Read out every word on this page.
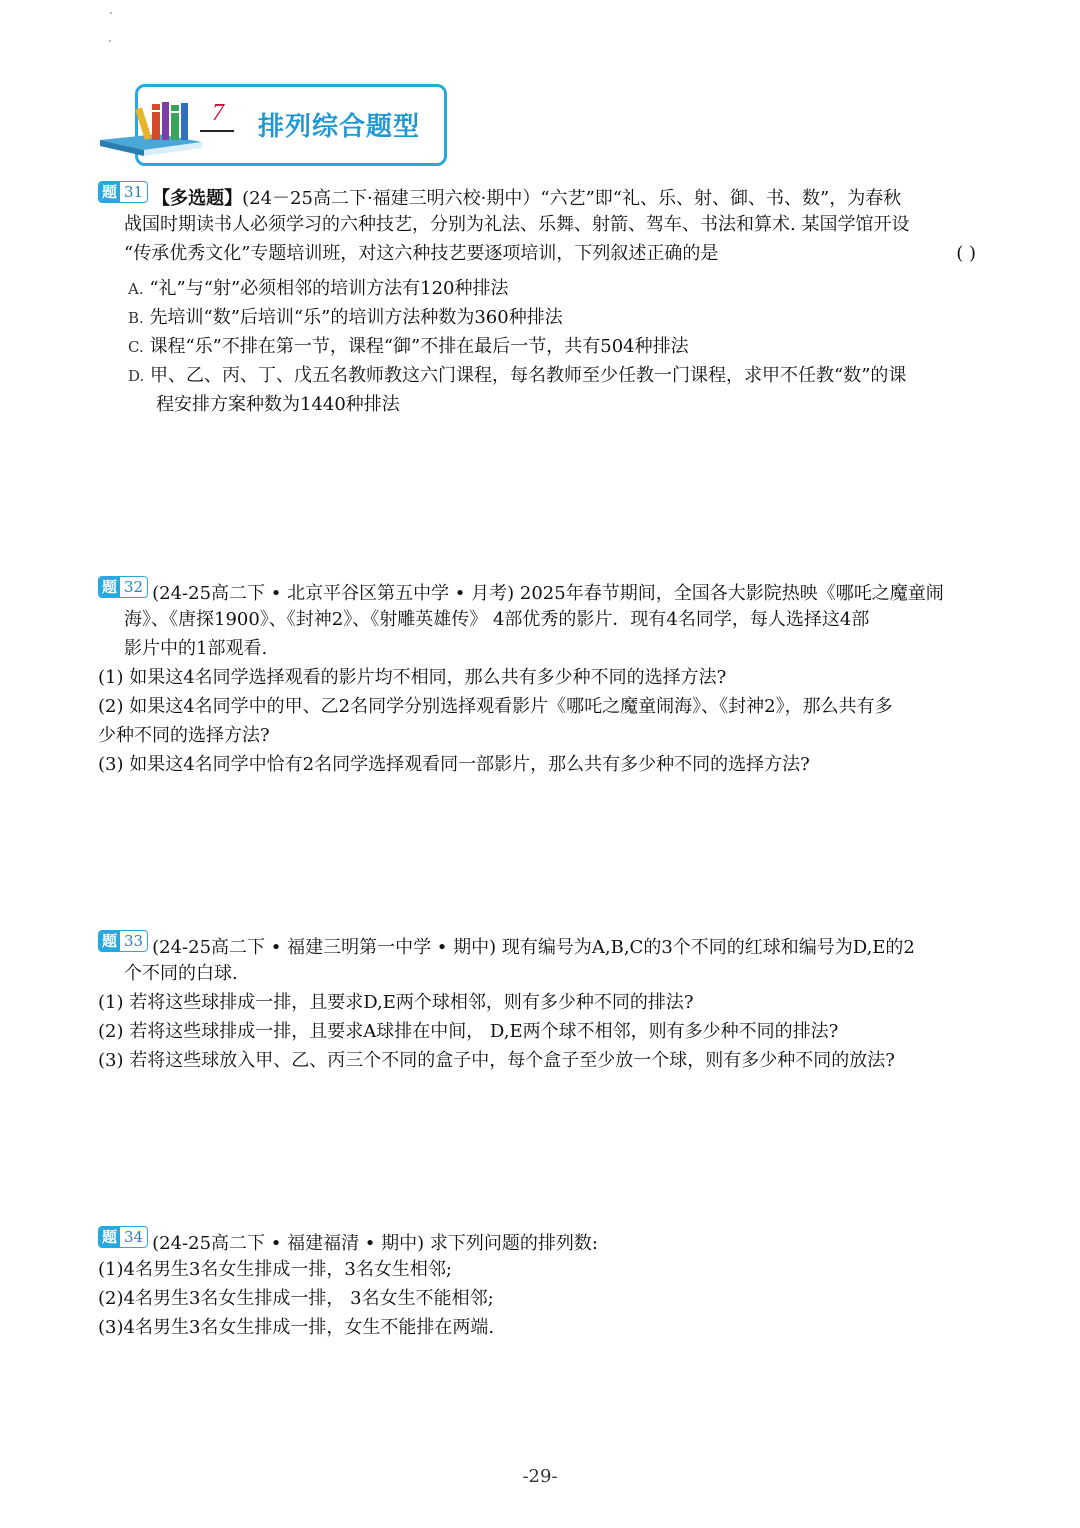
7 排列综合题型
题 31 【多选题】(24－25高二下·福建三明六校·期中）“六艺”即“礼、乐、射、御、书、数”，为春秋
战国时期读书人必须学习的六种技艺，分别为礼法、乐舞、射箭、驾车、书法和算术. 某国学馆开设
“传承优秀文化”专题培训班，对这六种技艺要逐项培训，下列叙述正确的是	( )
A. “礼”与“射”必须相邻的培训方法有120种排法
B. 先培训“数”后培训“乐”的培训方法种数为360种排法
C. 课程“乐”不排在第一节，课程“御”不排在最后一节，共有504种排法
D. 甲、乙、丙、丁、戊五名教师教这六门课程，每名教师至少任教一门课程，求甲不任教“数”的课
程安排方案种数为1440种排法
题 32 (24-25高二下 • 北京平谷区第五中学 • 月考) 2025年春节期间，全国各大影院热映《哪吒之魔童闹
海》、《唐探1900》、《封神2》、《射雕英雄传》 4部优秀的影片．现有4名同学，每人选择这4部
影片中的1部观看.
(1) 如果这4名同学选择观看的影片均不相同，那么共有多少种不同的选择方法?
(2) 如果这4名同学中的甲、乙2名同学分别选择观看影片《哪吒之魔童闹海》、《封神2》，那么共有多
少种不同的选择方法?
(3) 如果这4名同学中恰有2名同学选择观看同一部影片，那么共有多少种不同的选择方法?
题 33 (24-25高二下 • 福建三明第一中学 • 期中) 现有编号为A,B,C的3个不同的红球和编号为D,E的2
个不同的白球.
(1) 若将这些球排成一排，且要求D,E两个球相邻，则有多少种不同的排法?
(2) 若将这些球排成一排，且要求A球排在中间， D,E两个球不相邻，则有多少种不同的排法?
(3) 若将这些球放入甲、乙、丙三个不同的盒子中，每个盒子至少放一个球，则有多少种不同的放法?
题 34 (24-25高二下 • 福建福清 • 期中) 求下列问题的排列数:
(1)4名男生3名女生排成一排，3名女生相邻;
(2)4名男生3名女生排成一排， 3名女生不能相邻;
(3)4名男生3名女生排成一排，女生不能排在两端.
-29-
